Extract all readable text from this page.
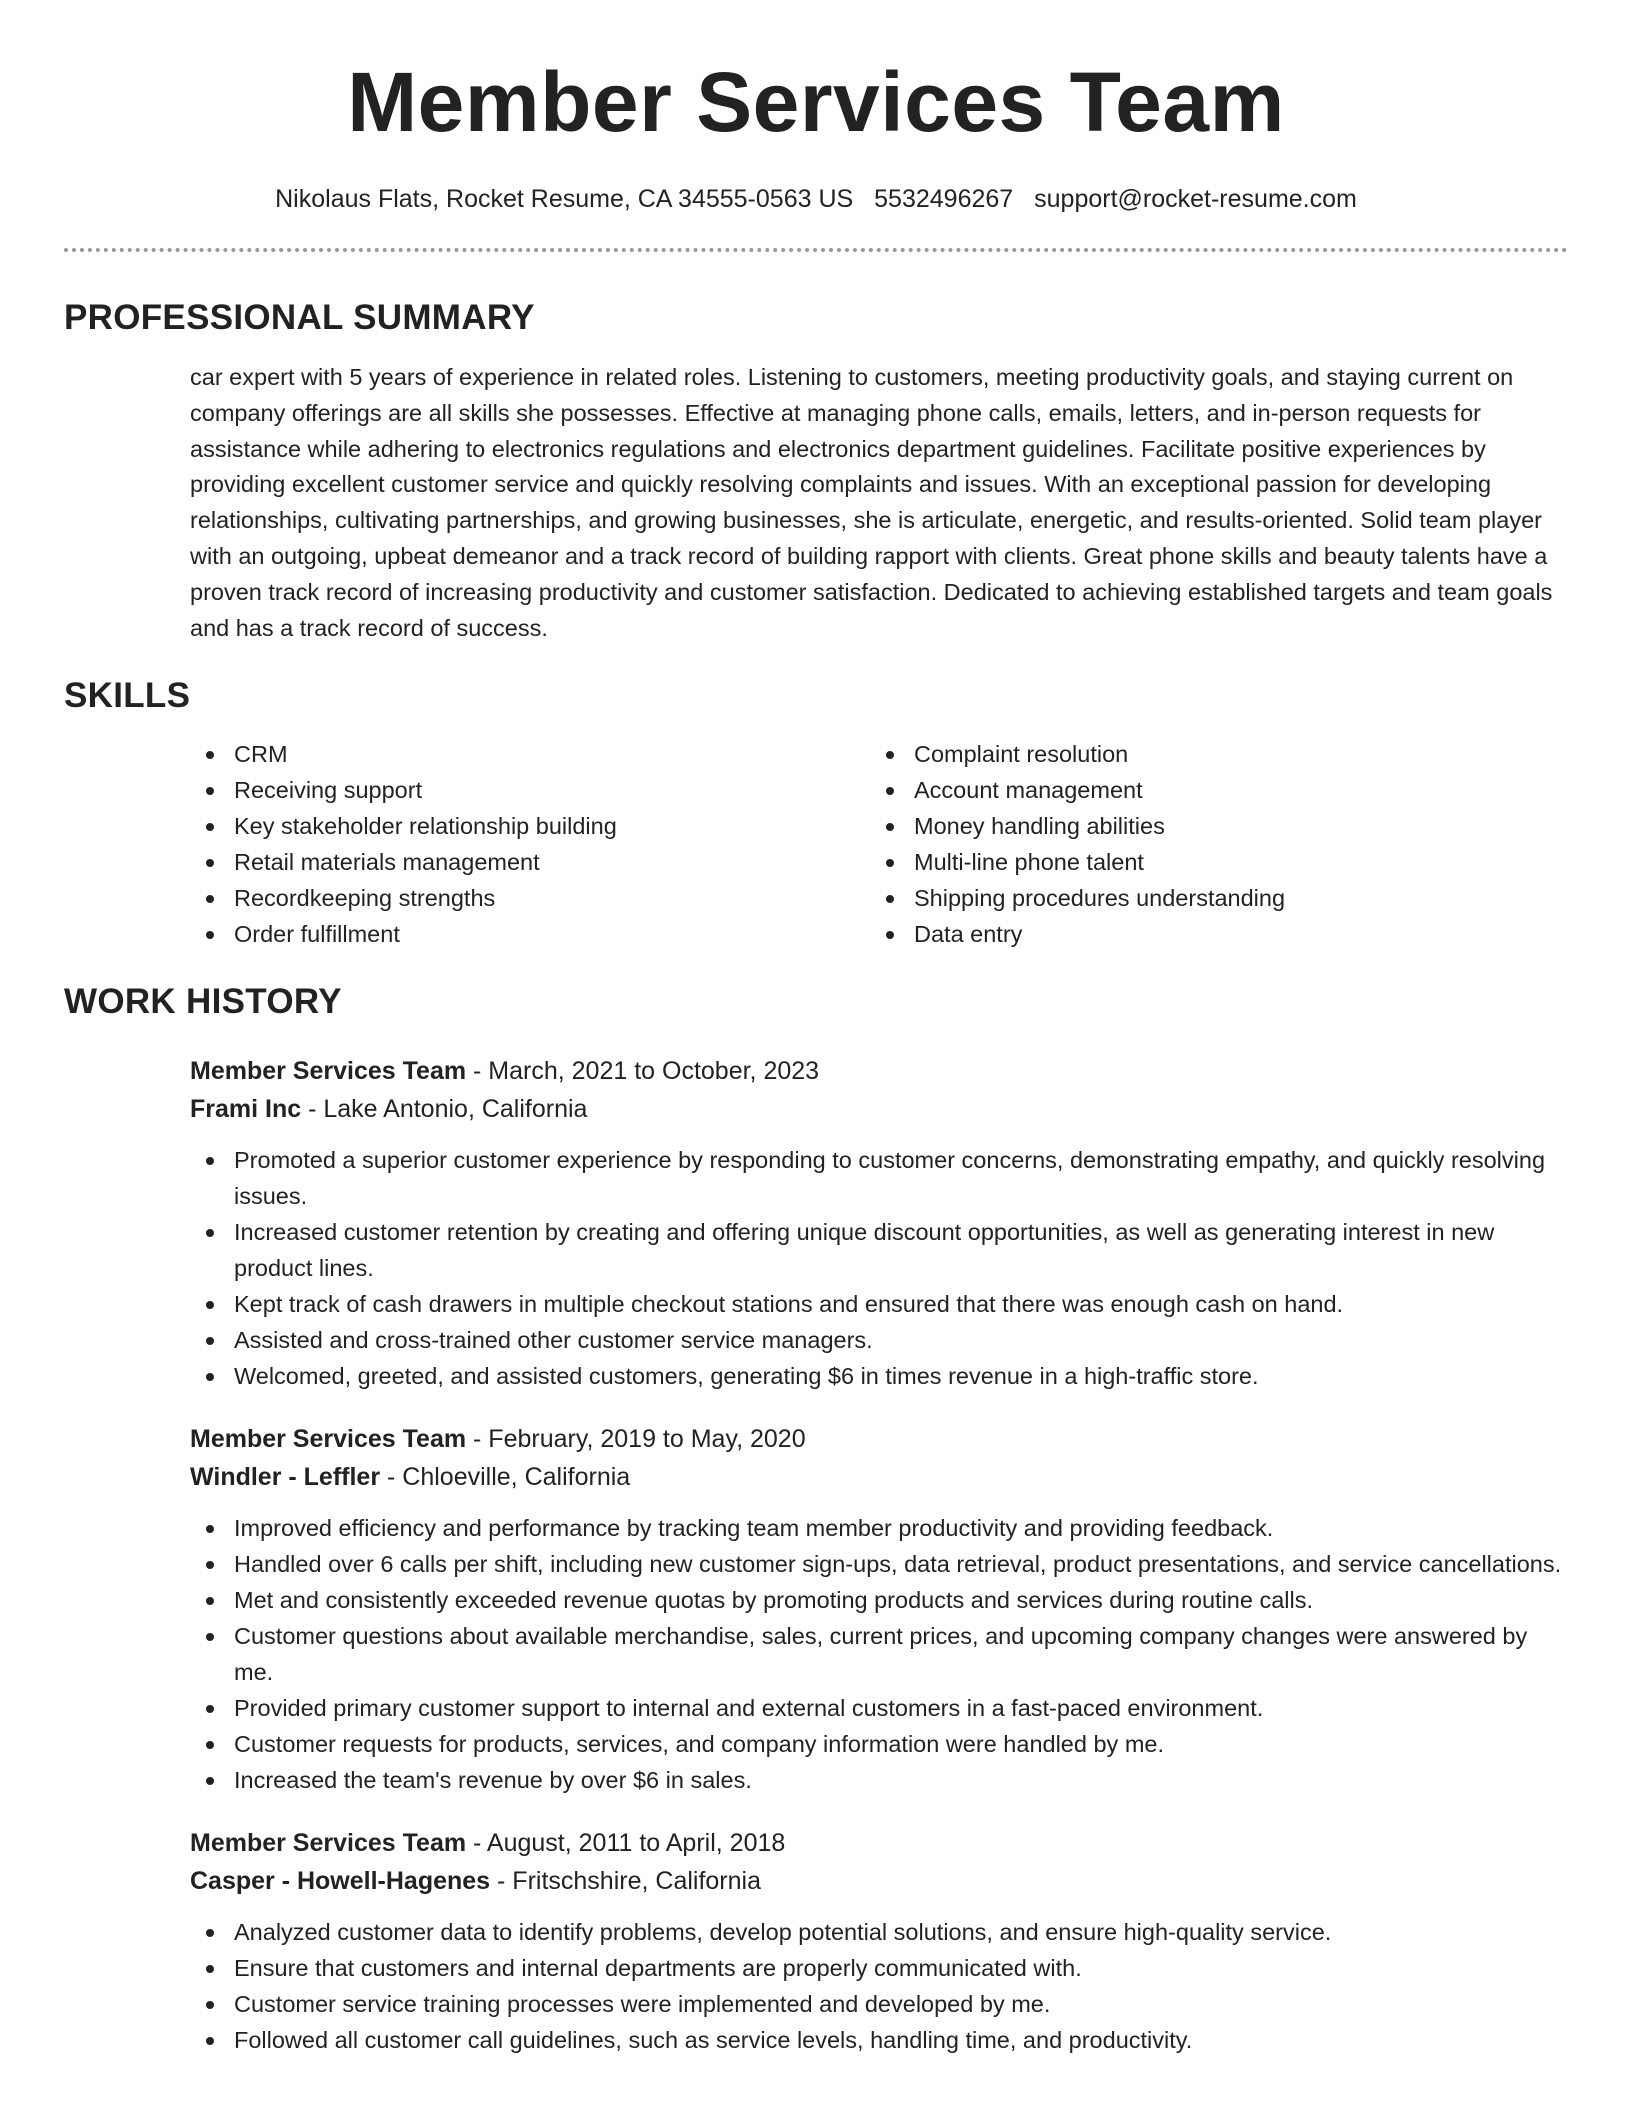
Member Services Team
Nikolaus Flats, Rocket Resume, CA 34555-0563 US 5532496267 support@rocket-resume.com
PROFESSIONAL SUMMARY

car expert with 5 years of experience in related roles. Listening to customers, meeting productivity goals, and staying current on company offerings are all skills she possesses. Effective at managing phone calls, emails, letters, and in-person requests for assistance while adhering to electronics regulations and electronics department guidelines. Facilitate positive experiences by providing excellent customer service and quickly resolving complaints and issues. With an exceptional passion for developing relationships, cultivating partnerships, and growing businesses, she is articulate, energetic, and results-oriented. Solid team player with an outgoing, upbeat demeanor and a track record of building rapport with clients. Great phone skills and beauty talents have a proven track record of increasing productivity and customer satisfaction. Dedicated to achieving established targets and team goals and has a track record of success.

SKILLS
CRM
Receiving support
Key stakeholder relationship building
Retail materials management
Recordkeeping strengths
Order fulfillment
Complaint resolution
Account management
Money handling abilities
Multi-line phone talent
Shipping procedures understanding
Data entry
WORK HISTORY
Member Services Team - March, 2021 to October, 2023
Frami Inc - Lake Antonio, California
Promoted a superior customer experience by responding to customer concerns, demonstrating empathy, and quickly resolving issues.
Increased customer retention by creating and offering unique discount opportunities, as well as generating interest in new product lines.
Kept track of cash drawers in multiple checkout stations and ensured that there was enough cash on hand.
Assisted and cross-trained other customer service managers.
Welcomed, greeted, and assisted customers, generating $6 in times revenue in a high-traffic store.
Member Services Team - February, 2019 to May, 2020
Windler - Leffler - Chloeville, California
Improved efficiency and performance by tracking team member productivity and providing feedback.
Handled over 6 calls per shift, including new customer sign-ups, data retrieval, product presentations, and service cancellations.
Met and consistently exceeded revenue quotas by promoting products and services during routine calls.
Customer questions about available merchandise, sales, current prices, and upcoming company changes were answered by me.
Provided primary customer support to internal and external customers in a fast-paced environment.
Customer requests for products, services, and company information were handled by me.
Increased the team's revenue by over $6 in sales.
Member Services Team - August, 2011 to April, 2018
Casper - Howell-Hagenes - Fritschshire, California
Analyzed customer data to identify problems, develop potential solutions, and ensure high-quality service.
Ensure that customers and internal departments are properly communicated with.
Customer service training processes were implemented and developed by me.
Followed all customer call guidelines, such as service levels, handling time, and productivity.
